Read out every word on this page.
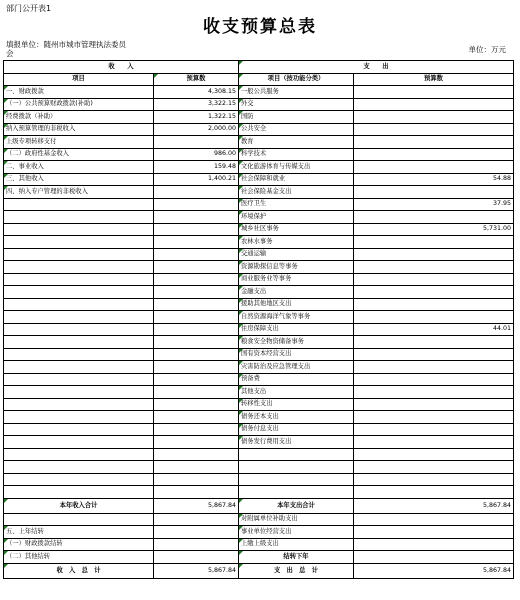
部门公开表1
收支预算总表
填报单位：随州市城市管理执法委员会	单位：万元
收　　入		支　　出	
项目	预算数	项目（按功能分类）	预算数
一、财政拨款	4,308.15	一般公共服务	
（一）公共预算财政拨款(补助)	3,322.15	外交	
经费拨款（补助）	1,322.15	国防	
纳入预算管理的非税收入	2,000.00	公共安全	
上级专项转移支付		教育	
（二）政府性基金收入	986.00	科学技术	
二、事业收入	159.48	文化旅游体育与传媒支出	
三、其他收入	1,400.21	社会保障和就业	54.88
四、纳入专户管理的非税收入		社会保险基金支出	
		医疗卫生	37.95
		环境保护	
		城乡社区事务	5,731.00
		农林水事务	
		交通运输	
		资源勘探信息等事务	
		商业服务业等事务	
		金融支出	
		援助其他地区支出	
		自然资源海洋气象等事务	
		住房保障支出	44.01
		粮食安全物资储备事务	
		国有资本经营支出	
		灾害防治及应急管理支出	
		预备费	
		其他支出	
		转移性支出	
		债务还本支出	
		债务付息支出	
		债务发行费用支出	

本年收入合计	5,867.84	本年支出合计	5,867.84
		对附属单位补助支出	
五、上年结转		事业单位经营支出	
（一）财政拨款结转		上缴上级支出	
（二）其他结转		结转下年	
收　入　总　计	5,867.84	支　出　总　计	5,867.84
